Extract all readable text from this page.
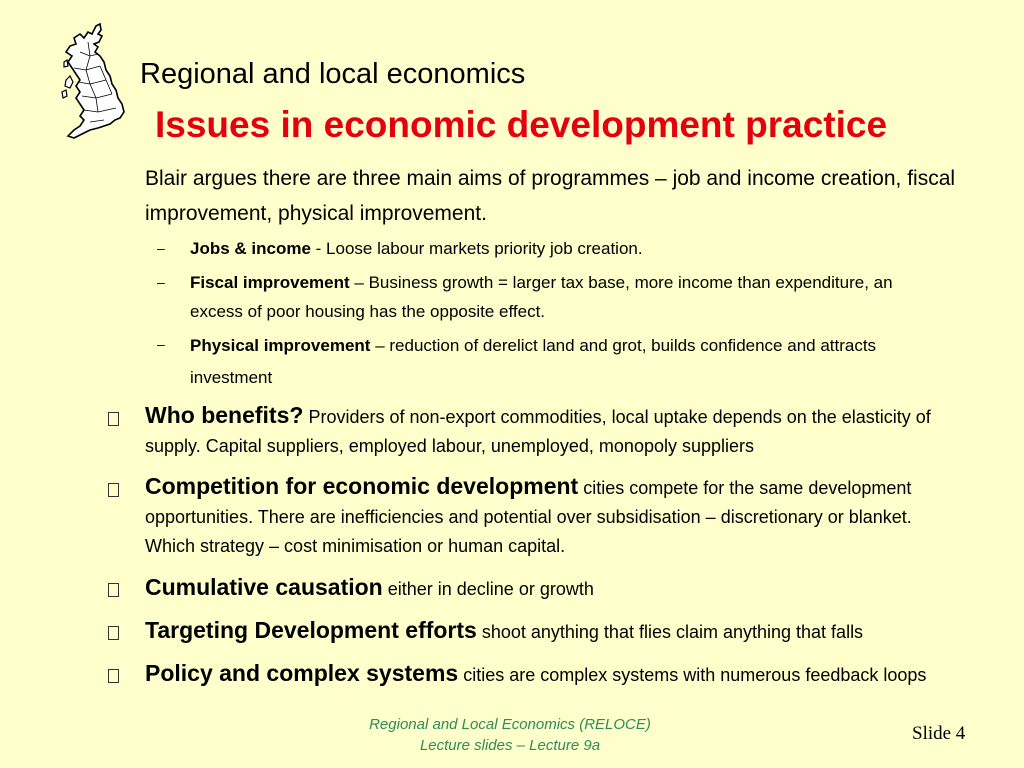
Regional and local economics
Issues in economic development practice
Blair argues there are three main aims of programmes – job and income creation, fiscal improvement, physical improvement.
– Jobs & income - Loose labour markets priority job creation.
– Fiscal improvement – Business growth = larger tax base, more income than expenditure, an excess of poor housing has the opposite effect.
– Physical improvement – reduction of derelict land and grot, builds confidence and attracts investment
Who benefits? Providers of non-export commodities, local uptake depends on the elasticity of supply. Capital suppliers, employed labour, unemployed, monopoly suppliers
Competition for economic development cities compete for the same development opportunities. There are inefficiencies and potential over subsidisation – discretionary or blanket. Which strategy – cost minimisation or human capital.
Cumulative causation either in decline or growth
Targeting Development efforts shoot anything that flies claim anything that falls
Policy and complex systems cities are complex systems with numerous feedback loops
Regional and Local Economics (RELOCE)
Lecture slides – Lecture 9a
Slide 4
